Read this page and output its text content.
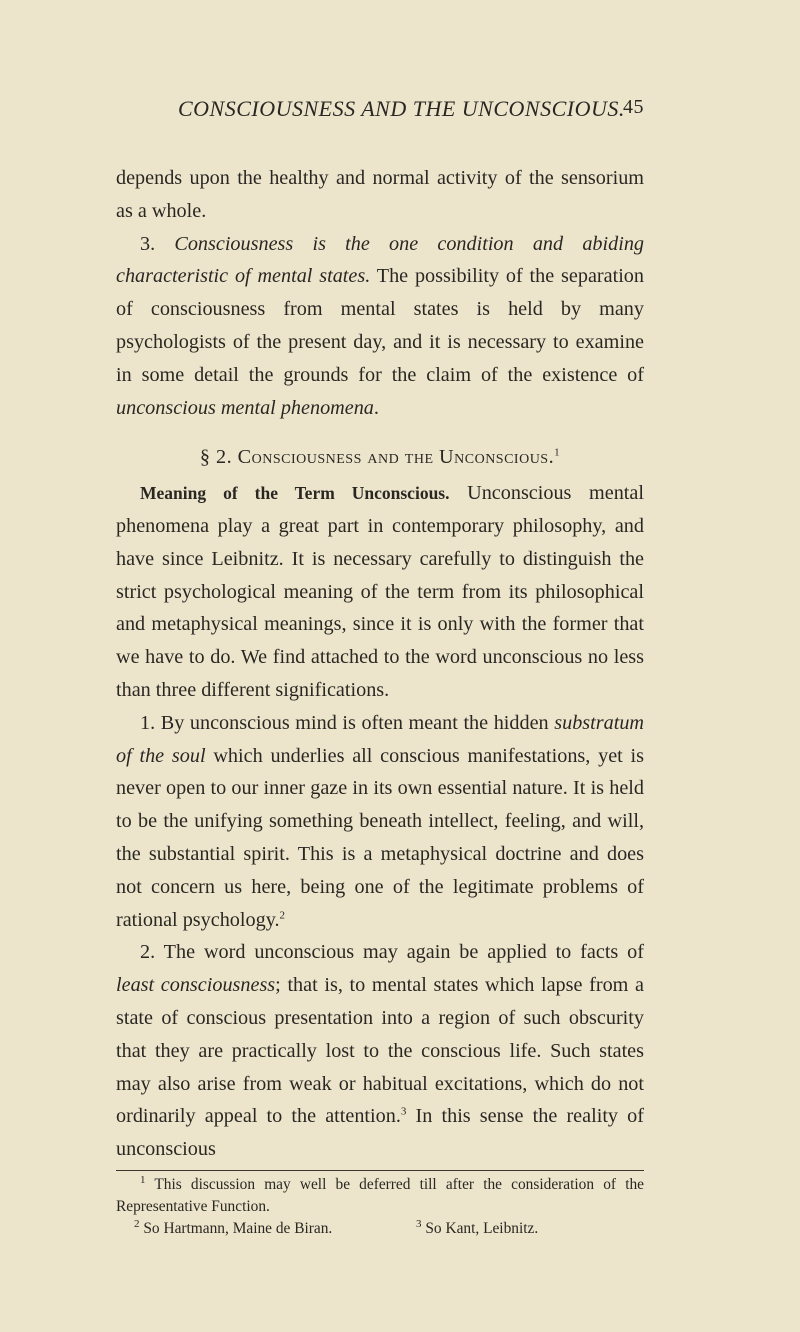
CONSCIOUSNESS AND THE UNCONSCIOUS.
45

depends upon the healthy and normal activity of the sensorium as a whole.

3. Consciousness is the one condition and abiding characteristic of mental states. The possibility of the separation of consciousness from mental states is held by many psychologists of the present day, and it is necessary to examine in some detail the grounds for the claim of the existence of unconscious mental phenomena.

§ 2. Consciousness and the Unconscious.$^1$

Meaning of the Term Unconscious. Unconscious mental phenomena play a great part in contemporary philosophy, and have since Leibnitz. It is necessary carefully to distinguish the strict psychological meaning of the term from its philosophical and metaphysical meanings, since it is only with the former that we have to do. We find attached to the word unconscious no less than three different significations.

1. By unconscious mind is often meant the hidden substratum of the soul which underlies all conscious manifestations, yet is never open to our inner gaze in its own essential nature. It is held to be the unifying something beneath intellect, feeling, and will, the substantial spirit. This is a metaphysical doctrine and does not concern us here, being one of the legitimate problems of rational psychology.$^2$

2. The word unconscious may again be applied to facts of least consciousness; that is, to mental states which lapse from a state of conscious presentation into a region of such obscurity that they are practically lost to the conscious life. Such states may also arise from weak or habitual excitations, which do not ordinarily appeal to the attention.$^3$ In this sense the reality of unconscious

$^1$ This discussion may well be deferred till after the consideration of the Representative Function.

$^2$ So Hartmann, Maine de Biran.	$^3$ So Kant, Leibnitz.
